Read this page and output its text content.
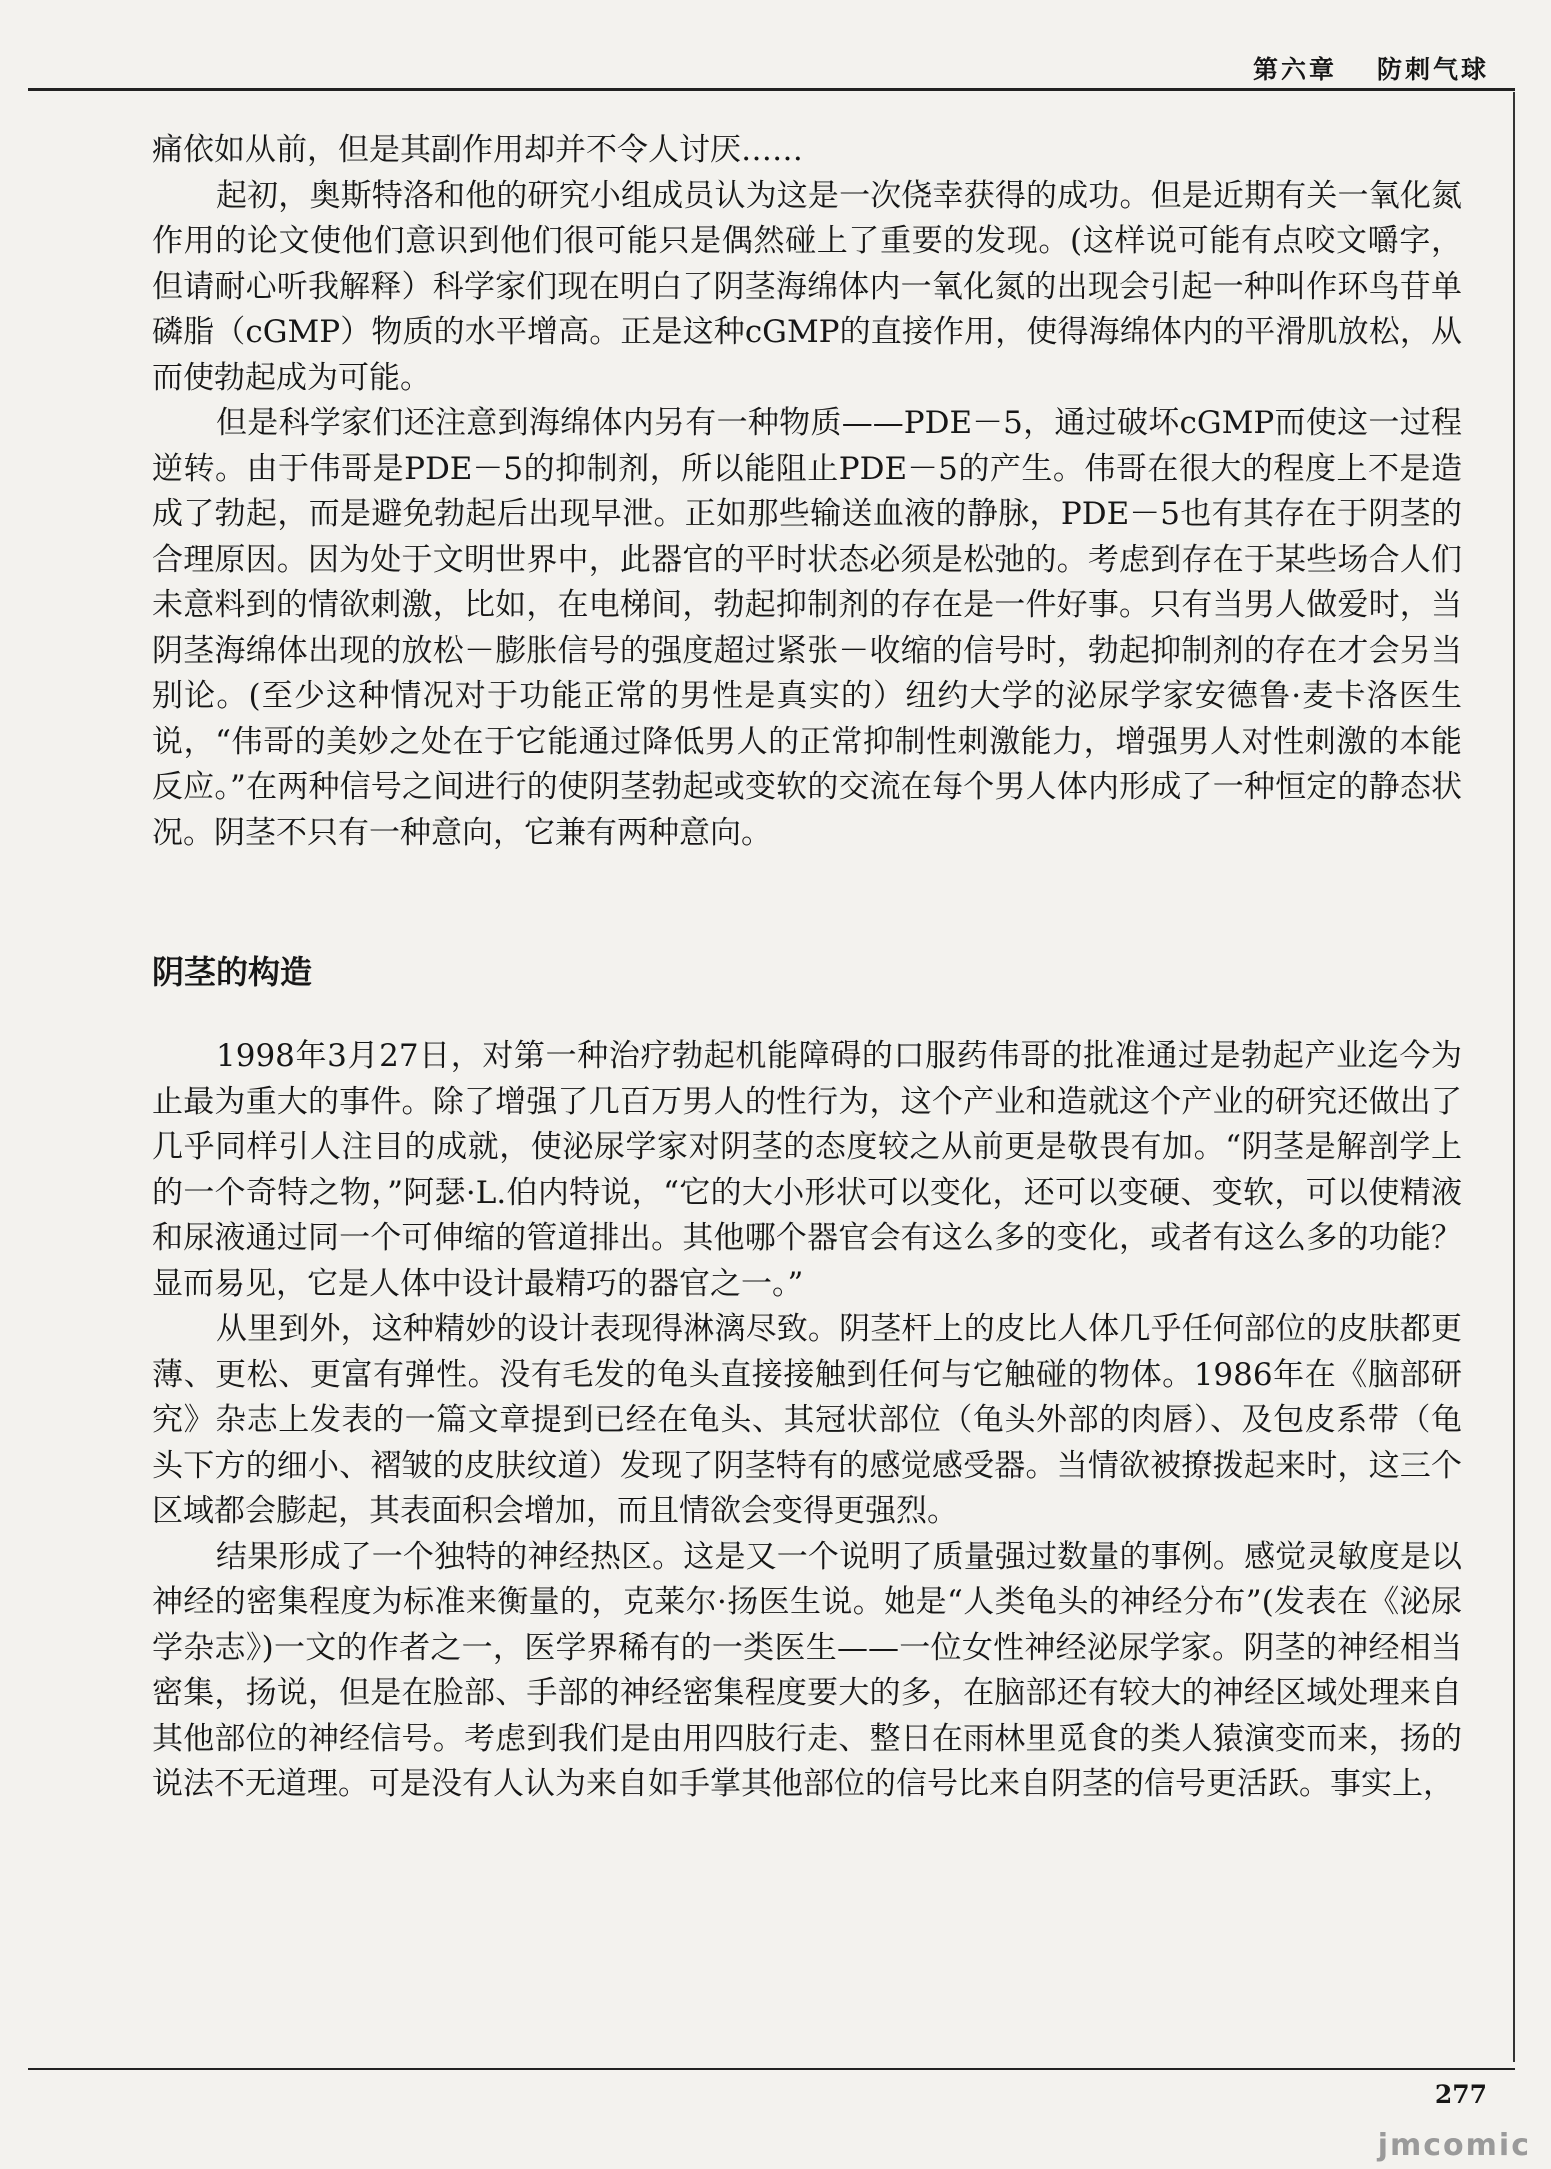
第六章 防刺气球

痛依如从前，但是其副作用却并不令人讨厌……

起初，奥斯特洛和他的研究小组成员认为这是一次侥幸获得的成功。但是近期有关一氧化氮作用的论文使他们意识到他们很可能只是偶然碰上了重要的发现。(这样说可能有点咬文嚼字，但请耐心听我解释）科学家们现在明白了阴茎海绵体内一氧化氮的出现会引起一种叫作环鸟苷单磷脂（cGMP）物质的水平增高。正是这种cGMP的直接作用，使得海绵体内的平滑肌放松，从而使勃起成为可能。

但是科学家们还注意到海绵体内另有一种物质——PDE－5，通过破坏cGMP而使这一过程逆转。由于伟哥是PDE－5的抑制剂，所以能阻止PDE－5的产生。伟哥在很大的程度上不是造成了勃起，而是避免勃起后出现早泄。正如那些输送血液的静脉，PDE－5也有其存在于阴茎的合理原因。因为处于文明世界中，此器官的平时状态必须是松弛的。考虑到存在于某些场合人们未意料到的情欲刺激，比如，在电梯间，勃起抑制剂的存在是一件好事。只有当男人做爱时，当阴茎海绵体出现的放松－膨胀信号的强度超过紧张－收缩的信号时，勃起抑制剂的存在才会另当别论。(至少这种情况对于功能正常的男性是真实的）纽约大学的泌尿学家安德鲁·麦卡洛医生说，“伟哥的美妙之处在于它能通过降低男人的正常抑制性刺激能力，增强男人对性刺激的本能反应。”在两种信号之间进行的使阴茎勃起或变软的交流在每个男人体内形成了一种恒定的静态状况。阴茎不只有一种意向，它兼有两种意向。

阴茎的构造

1998年3月27日，对第一种治疗勃起机能障碍的口服药伟哥的批准通过是勃起产业迄今为止最为重大的事件。除了增强了几百万男人的性行为，这个产业和造就这个产业的研究还做出了几乎同样引人注目的成就，使泌尿学家对阴茎的态度较之从前更是敬畏有加。“阴茎是解剖学上的一个奇特之物，”阿瑟·L.伯内特说，“它的大小形状可以变化，还可以变硬、变软，可以使精液和尿液通过同一个可伸缩的管道排出。其他哪个器官会有这么多的变化，或者有这么多的功能？显而易见，它是人体中设计最精巧的器官之一。”

从里到外，这种精妙的设计表现得淋漓尽致。阴茎杆上的皮比人体几乎任何部位的皮肤都更薄、更松、更富有弹性。没有毛发的龟头直接接触到任何与它触碰的物体。1986年在《脑部研究》杂志上发表的一篇文章提到已经在龟头、其冠状部位（龟头外部的肉唇）、及包皮系带（龟头下方的细小、褶皱的皮肤纹道）发现了阴茎特有的感觉感受器。当情欲被撩拨起来时，这三个区域都会膨起，其表面积会增加，而且情欲会变得更强烈。

结果形成了一个独特的神经热区。这是又一个说明了质量强过数量的事例。感觉灵敏度是以神经的密集程度为标准来衡量的，克莱尔·扬医生说。她是“人类龟头的神经分布”(发表在《泌尿学杂志》)一文的作者之一，医学界稀有的一类医生——一位女性神经泌尿学家。阴茎的神经相当密集，扬说，但是在脸部、手部的神经密集程度要大的多，在脑部还有较大的神经区域处理来自其他部位的神经信号。考虑到我们是由用四肢行走、整日在雨林里觅食的类人猿演变而来，扬的说法不无道理。可是没有人认为来自如手掌其他部位的信号比来自阴茎的信号更活跃。事实上，

277
jmcomic
